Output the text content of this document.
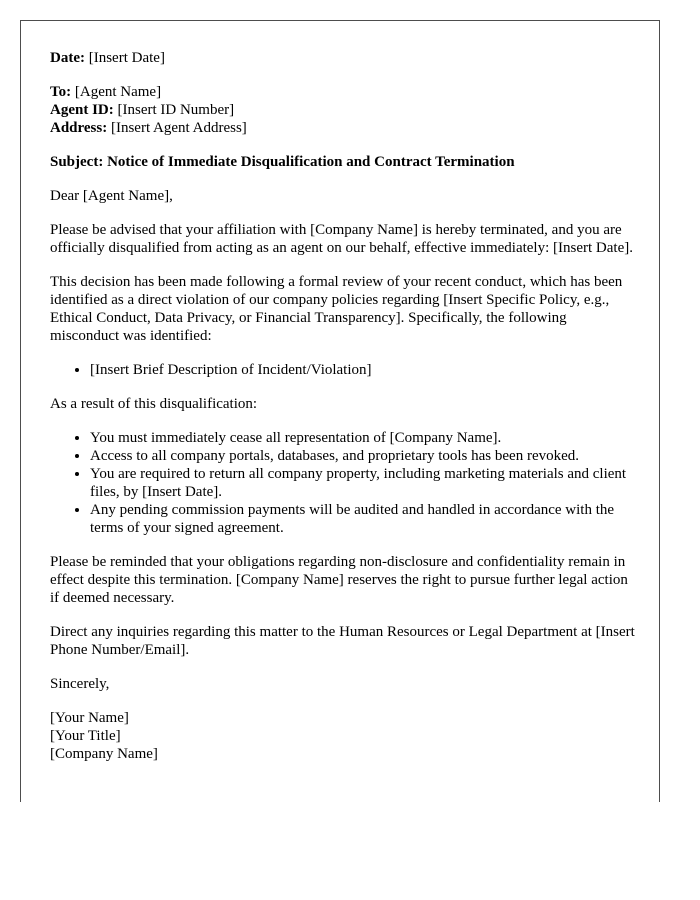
Date: [Insert Date]

To: [Agent Name]
Agent ID: [Insert ID Number]
Address: [Insert Agent Address]

Subject: Notice of Immediate Disqualification and Contract Termination

Dear [Agent Name],

Please be advised that your affiliation with [Company Name] is hereby terminated, and you are officially disqualified from acting as an agent on our behalf, effective immediately: [Insert Date].

This decision has been made following a formal review of your recent conduct, which has been identified as a direct violation of our company policies regarding [Insert Specific Policy, e.g., Ethical Conduct, Data Privacy, or Financial Transparency]. Specifically, the following misconduct was identified:

• [Insert Brief Description of Incident/Violation]

As a result of this disqualification:

• You must immediately cease all representation of [Company Name].
• Access to all company portals, databases, and proprietary tools has been revoked.
• You are required to return all company property, including marketing materials and client files, by [Insert Date].
• Any pending commission payments will be audited and handled in accordance with the terms of your signed agreement.

Please be reminded that your obligations regarding non-disclosure and confidentiality remain in effect despite this termination. [Company Name] reserves the right to pursue further legal action if deemed necessary.

Direct any inquiries regarding this matter to the Human Resources or Legal Department at [Insert Phone Number/Email].

Sincerely,

[Your Name]
[Your Title]
[Company Name]
